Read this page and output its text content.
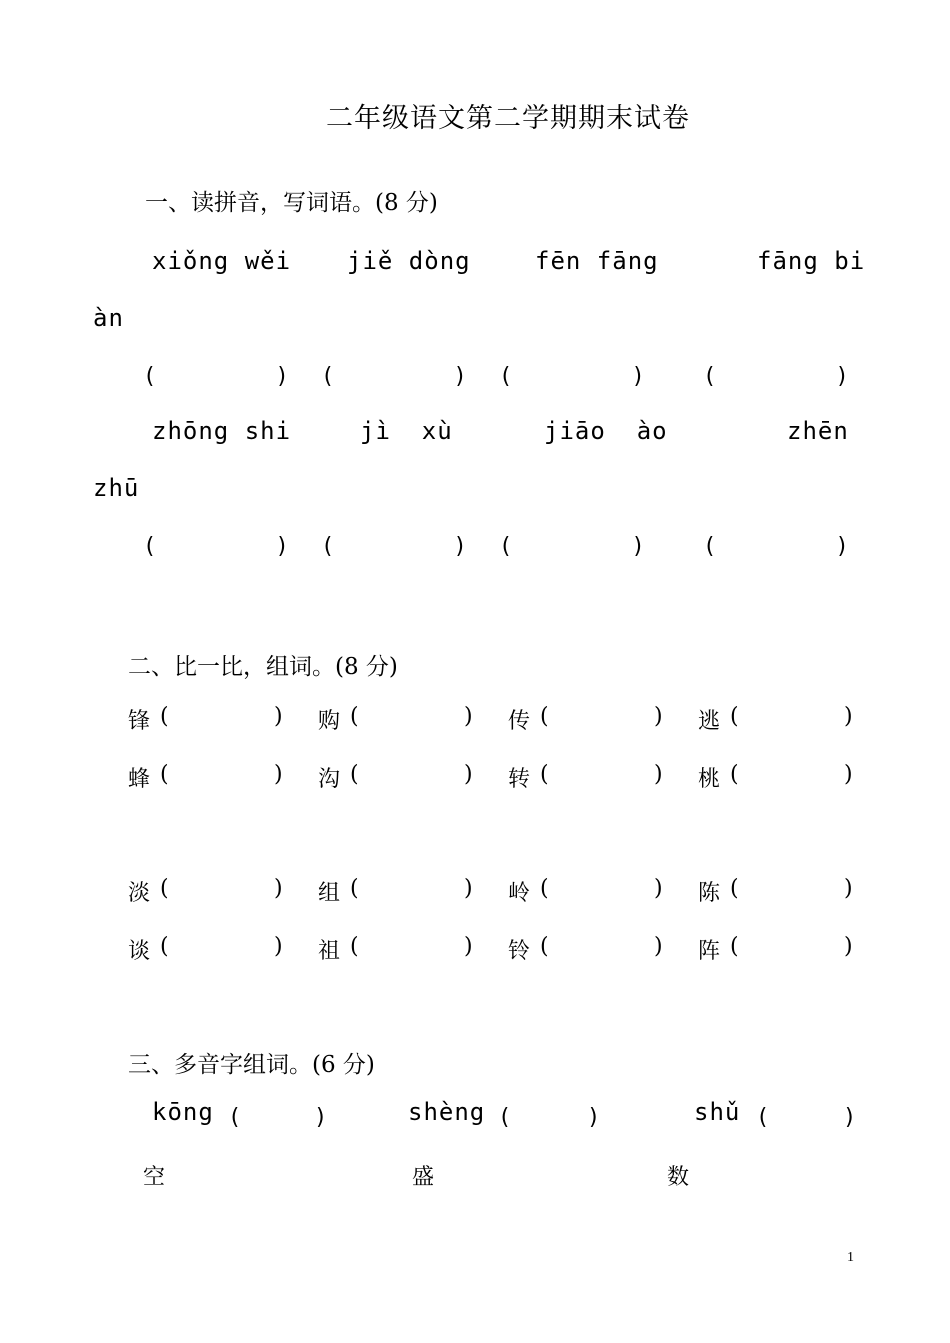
二年级语文第二学期期末试卷
一、读拼音，写词语。(8 分)
xiǒng wěi jiě dòng	fēn fāng	fāng bi
àn
(         ) (         ) (         )	(         )
zhōng shi	jì  xù	jiāo  ào	zhēn
zhū
(         ) (         ) (         )	(         )
二、比一比，组词。(8 分)
锋 (	) 购 (	) 传 (	) 逃 (	)
蜂 (	) 沟 (	) 转 (	) 桃 (	)
淡 (	) 组 (	) 岭 (	) 陈 (	)
谈 (	) 祖 (	) 铃 (	) 阵 (	)
三、多音字组词。(6 分)
kōng (	)	shèng (	)	shǔ (	)
空	盛	数
1
